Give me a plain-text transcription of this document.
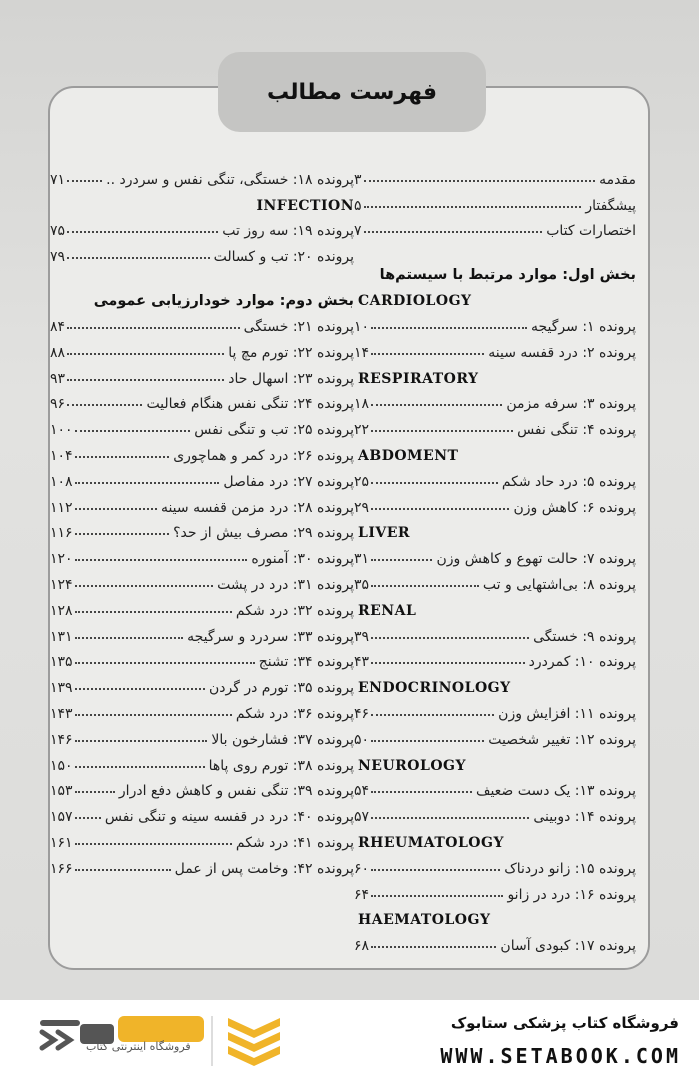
فهرست مطالب
مقدمه
۳
پیشگفتار
۵
اختصارات کتاب
۷
بخش اول: موارد مرتبط با سیستم‌ها
CARDIOLOGY
پرونده ۱: سرگیجه
۱۰
پرونده ۲: درد قفسه سینه
۱۴
RESPIRATORY
پرونده ۳: سرفه مزمن
۱۸
پرونده ۴: تنگی نفس
۲۲
ABDOMENT
پرونده ۵: درد حاد شکم
۲۵
پرونده ۶: کاهش وزن
۲۹
LIVER
پرونده ۷: حالت تهوع و کاهش وزن
۳۱
پرونده ۸: بی‌اشتهایی و تب
۳۵
RENAL
پرونده ۹: خستگی
۳۹
پرونده ۱۰: کمردرد
۴۳
ENDOCRINOLOGY
پرونده ۱۱: افزایش وزن
۴۶
پرونده ۱۲: تغییر شخصیت
۵۰
NEUROLOGY
پرونده ۱۳: یک دست ضعیف
۵۴
پرونده ۱۴: دوبینی
۵۷
RHEUMATOLOGY
پرونده ۱۵: زانو دردناک
۶۰
پرونده ۱۶: درد در زانو
۶۴
HAEMATOLOGY
پرونده ۱۷: کبودی آسان
۶۸
پرونده ۱۸: خستگی، تنگی نفس و سردرد ..
۷۱
INFECTION
پرونده ۱۹: سه روز تب
۷۵
پرونده ۲۰: تب و کسالت
۷۹
بخش دوم: موارد خودارزیابی عمومی
پرونده ۲۱: خستگی
۸۴
پرونده ۲۲: تورم مچ پا
۸۸
پرونده ۲۳: اسهال حاد
۹۳
پرونده ۲۴: تنگی نفس هنگام فعالیت
۹۶
پرونده ۲۵: تب و تنگی نفس
۱۰۰
پرونده ۲۶: درد کمر و هماچوری
۱۰۴
پرونده ۲۷: درد مفاصل
۱۰۸
پرونده ۲۸: درد مزمن قفسه سینه
۱۱۲
پرونده ۲۹: مصرف بیش از حد؟
۱۱۶
پرونده ۳۰: آمنوره
۱۲۰
پرونده ۳۱: درد در پشت
۱۲۴
پرونده ۳۲: درد شکم
۱۲۸
پرونده ۳۳: سردرد و سرگیجه
۱۳۱
پرونده ۳۴: تشنج
۱۳۵
پرونده ۳۵: تورم در گردن
۱۳۹
پرونده ۳۶: درد شکم
۱۴۳
پرونده ۳۷: فشارخون بالا
۱۴۶
پرونده ۳۸: تورم روی پاها
۱۵۰
پرونده ۳۹: تنگی نفس و کاهش دفع ادرار
۱۵۳
پرونده ۴۰: درد در قفسه سینه و تنگی نفس
۱۵۷
پرونده ۴۱: درد شکم
۱۶۱
پرونده ۴۲: وخامت پس از عمل
۱۶۶
فروشگاه اینترنتی کتاب
فروشگاه کتاب پزشکی ستابوک
WWW.SETABOOK.COM
